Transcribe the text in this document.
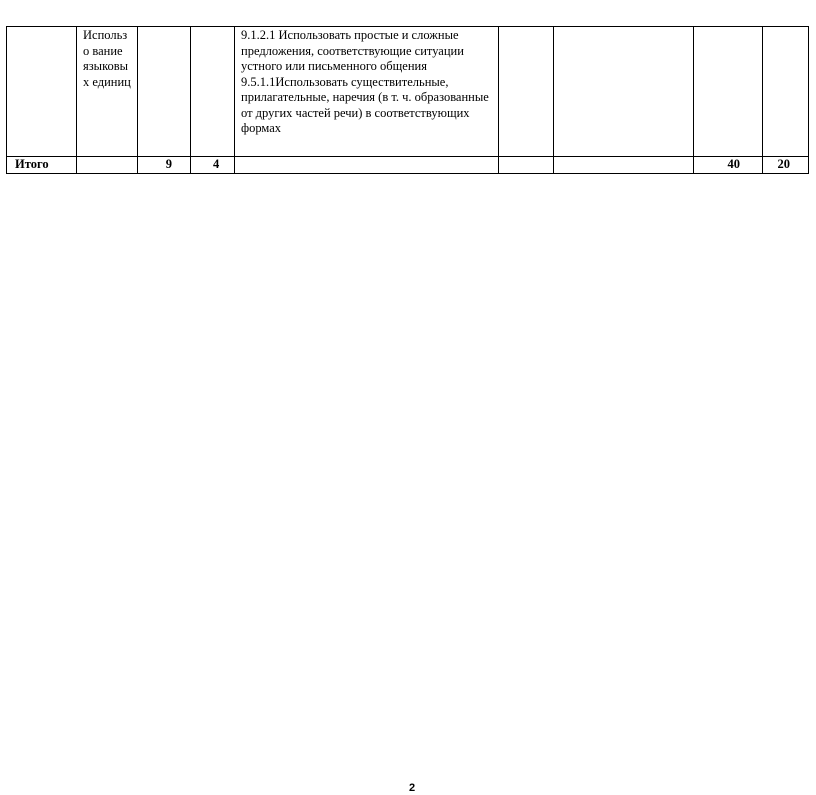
	Использо вание языковых единиц			9.1.2.1 Использовать простые и сложные предложения, соответствующие ситуации устного или письменного общения
9.5.1.1Использовать существительные, прилагательные, наречия (в т. ч. образованные от других частей речи) в соответствующих формах				

Итого		9	4				40	20
2
